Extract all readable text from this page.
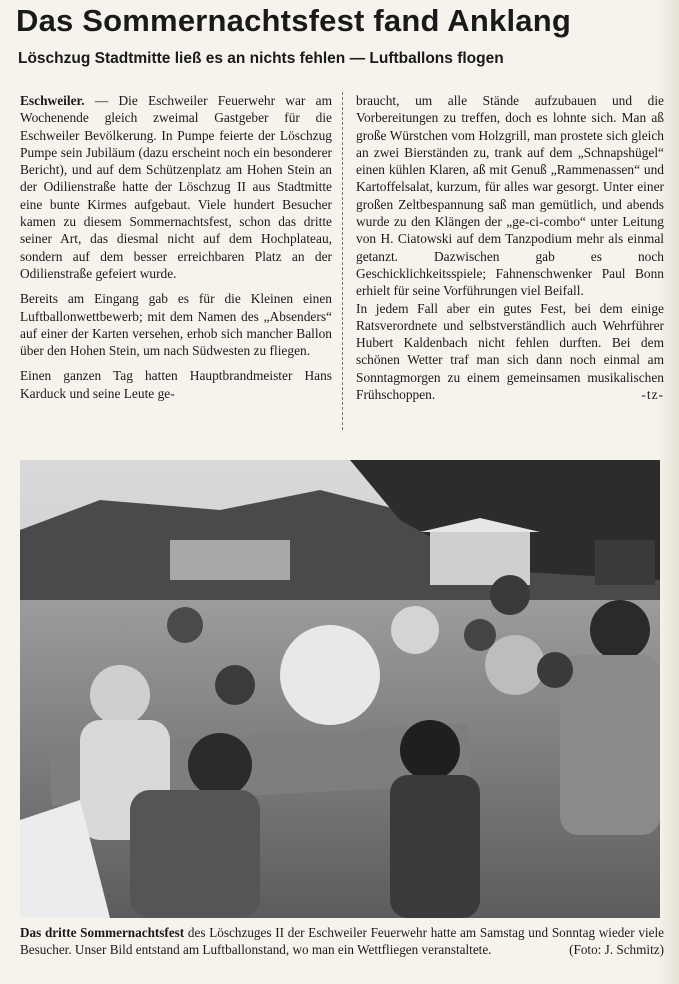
Das Sommernachtsfest fand Anklang
Löschzug Stadtmitte ließ es an nichts fehlen — Luftballons flogen

Eschweiler. — Die Eschweiler Feuerwehr war am Wochenende gleich zweimal Gastgeber für die Eschweiler Bevölkerung. In Pumpe feierte der Löschzug Pumpe sein Jubiläum (dazu erscheint noch ein besonderer Bericht), und auf dem Schützenplatz am Hohen Stein an der Odilienstraße hatte der Löschzug II aus Stadtmitte eine bunte Kirmes aufgebaut. Viele hundert Besucher kamen zu diesem Sommernachtsfest, schon das dritte seiner Art, das diesmal nicht auf dem Hochplateau, sondern auf dem besser erreichbaren Platz an der Odilienstraße gefeiert wurde.

Bereits am Eingang gab es für die Kleinen einen Luftballonwettbewerb; mit dem Namen des „Absenders“ auf einer der Karten versehen, erhob sich mancher Ballon über den Hohen Stein, um nach Südwesten zu fliegen.

Einen ganzen Tag hatten Hauptbrandmeister Hans Karduck und seine Leute ge-

braucht, um alle Stände aufzubauen und die Vorbereitungen zu treffen, doch es lohnte sich. Man aß große Würstchen vom Holzgrill, man prostete sich gleich an zwei Bierständen zu, trank auf dem „Schnapshügel“ einen kühlen Klaren, aß mit Genuß „Rammenassen“ und Kartoffelsalat, kurzum, für alles war gesorgt. Unter einer großen Zeltbespannung saß man gemütlich, und abends wurde zu den Klängen der „ge-ci-combo“ unter Leitung von H. Ciatowski auf dem Tanzpodium mehr als einmal getanzt. Dazwischen gab es noch Geschicklichkeitsspiele; Fahnenschwenker Paul Bonn erhielt für seine Vorführungen viel Beifall.

In jedem Fall aber ein gutes Fest, bei dem einige Ratsverordnete und selbstverständlich auch Wehrführer Hubert Kaldenbach nicht fehlen durften. Bei dem schönen Wetter traf man sich dann noch einmal am Sonntagmorgen zu einem gemeinsamen musikalischen Frühschoppen.	-tz-

Das dritte Sommernachtsfest des Löschzuges II der Eschweiler Feuerwehr hatte am Samstag und Sonntag wieder viele Besucher. Unser Bild entstand am Luftballonstand, wo man ein Wettfliegen veranstaltete.	(Foto: J. Schmitz)
